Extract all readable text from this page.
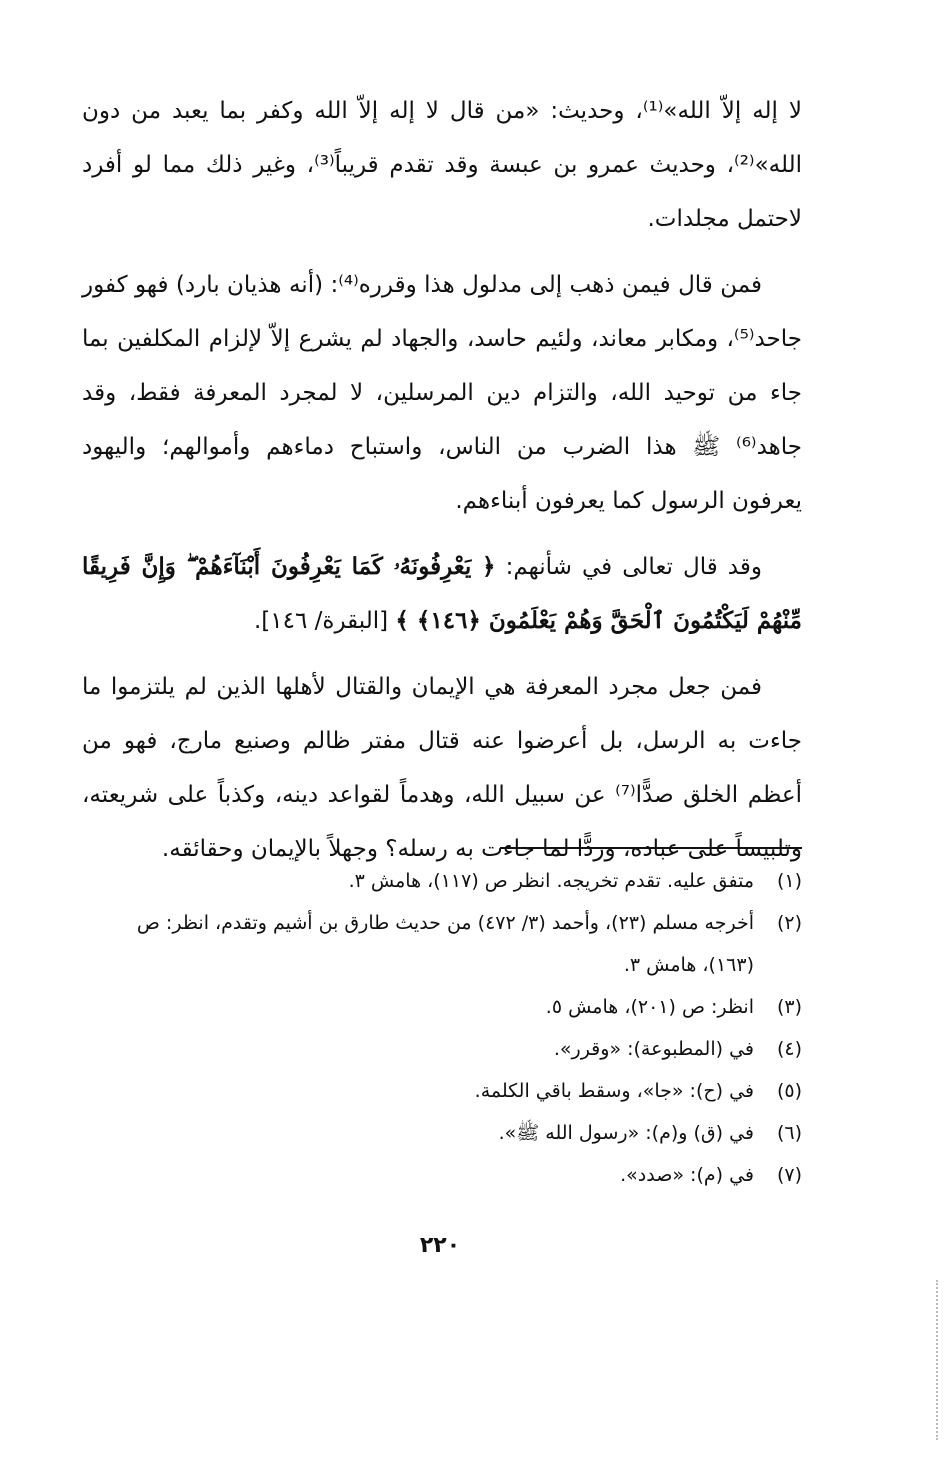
لا إله إلاّ الله»⁽¹⁾، وحديث: «من قال لا إله إلاّ الله وكفر بما يعبد من دون الله»⁽²⁾، وحديث عمرو بن عبسة وقد تقدم قريباً⁽³⁾، وغير ذلك مما لو أفرد لاحتمل مجلدات.

فمن قال فيمن ذهب إلى مدلول هذا وقرره⁽⁴⁾: (أنه هذيان بارد) فهو كفور جاحد⁽⁵⁾، ومكابر معاند، ولئيم حاسد، والجهاد لم يشرع إلاّ لإلزام المكلفين بما جاء من توحيد الله، والتزام دين المرسلين، لا لمجرد المعرفة فقط، وقد جاهد⁽⁶⁾ ﷺ هذا الضرب من الناس، واستباح دماءهم وأموالهم؛ واليهود يعرفون الرسول كما يعرفون أبناءهم.

وقد قال تعالى في شأنهم: ﴿ يَعْرِفُونَهُۥ كَمَا يَعْرِفُونَ أَبْنَآءَهُمْ ۖ وَإِنَّ فَرِيقًا مِّنْهُمْ لَيَكْتُمُونَ ٱلْحَقَّ وَهُمْ يَعْلَمُونَ ﴿١٤٦﴾ ﴾ [البقرة/ ١٤٦].

فمن جعل مجرد المعرفة هي الإيمان والقتال لأهلها الذين لم يلتزموا ما جاءت به الرسل، بل أعرضوا عنه قتال مفتر ظالم وصنيع مارج، فهو من أعظم الخلق صدًّا⁽⁷⁾ عن سبيل الله، وهدماً لقواعد دينه، وكذباً على شريعته، وتلبيساً على عباده، وردًّا لما جاءت به رسله؟ وجهلاً بالإيمان وحقائقه.

(١)
متفق عليه. تقدم تخريجه. انظر ص (١١٧)، هامش ٣.
(٢)
أخرجه مسلم (٢٣)، وأحمد (٣/ ٤٧٢) من حديث طارق بن أشيم وتقدم، انظر: ص (١٦٣)، هامش ٣.
(٣)
انظر: ص (٢٠١)، هامش ٥.
(٤)
في (المطبوعة): «وقرر».
(٥)
في (ح): «جا»، وسقط باقي الكلمة.
(٦)
في (ق) و(م): «رسول الله ﷺ».
(٧)
في (م): «صدد».
٢٢٠
